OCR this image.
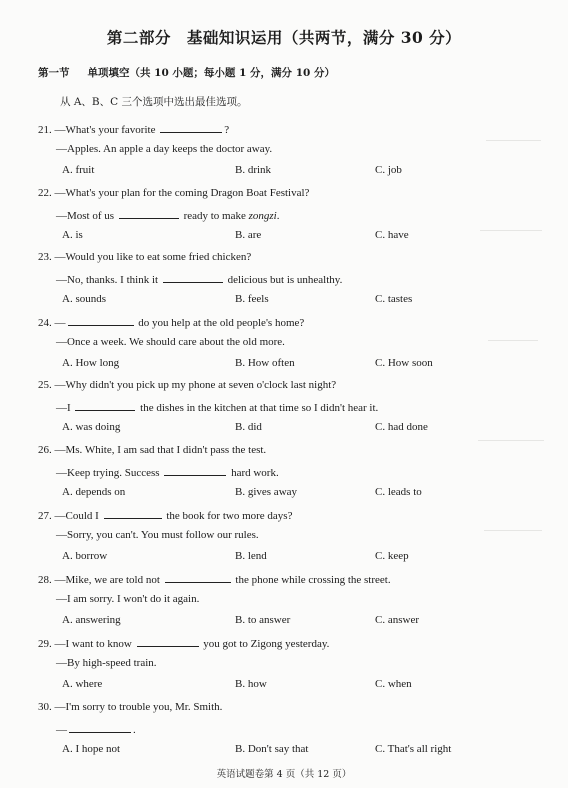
第二部分　基础知识运用（共两节，满分 30 分）
第一节 单项填空（共 10 小题；每小题 1 分，满分 10 分）
从 A、B、C 三个选项中选出最佳选项。
21. —What's your favorite	?
—Apples. An apple a day keeps the doctor away.
A. fruit	B. drink	C. job
22. —What's your plan for the coming Dragon Boat Festival?
—Most of us	ready to make zongzi.
A. is	B. are	C. have
23. —Would you like to eat some fried chicken?
—No, thanks. I think it	delicious but is unhealthy.
A. sounds	B. feels	C. tastes
24. —	do you help at the old people's home?
—Once a week. We should care about the old more.
A. How long	B. How often	C. How soon
25. —Why didn't you pick up my phone at seven o'clock last night?
—I	the dishes in the kitchen at that time so I didn't hear it.
A. was doing	B. did	C. had done
26. —Ms. White, I am sad that I didn't pass the test.
—Keep trying. Success	hard work.
A. depends on	B. gives away	C. leads to
27. —Could I	the book for two more days?
—Sorry, you can't. You must follow our rules.
A. borrow	B. lend	C. keep
28. —Mike, we are told not	the phone while crossing the street.
—I am sorry. I won't do it again.
A. answering	B. to answer	C. answer
29. —I want to know	you got to Zigong yesterday.
—By high-speed train.
A. where	B. how	C. when
30. —I'm sorry to trouble you, Mr. Smith.
—	.
A. I hope not	B. Don't say that	C. That's all right
英语试题卷第 4 页（共 12 页）
